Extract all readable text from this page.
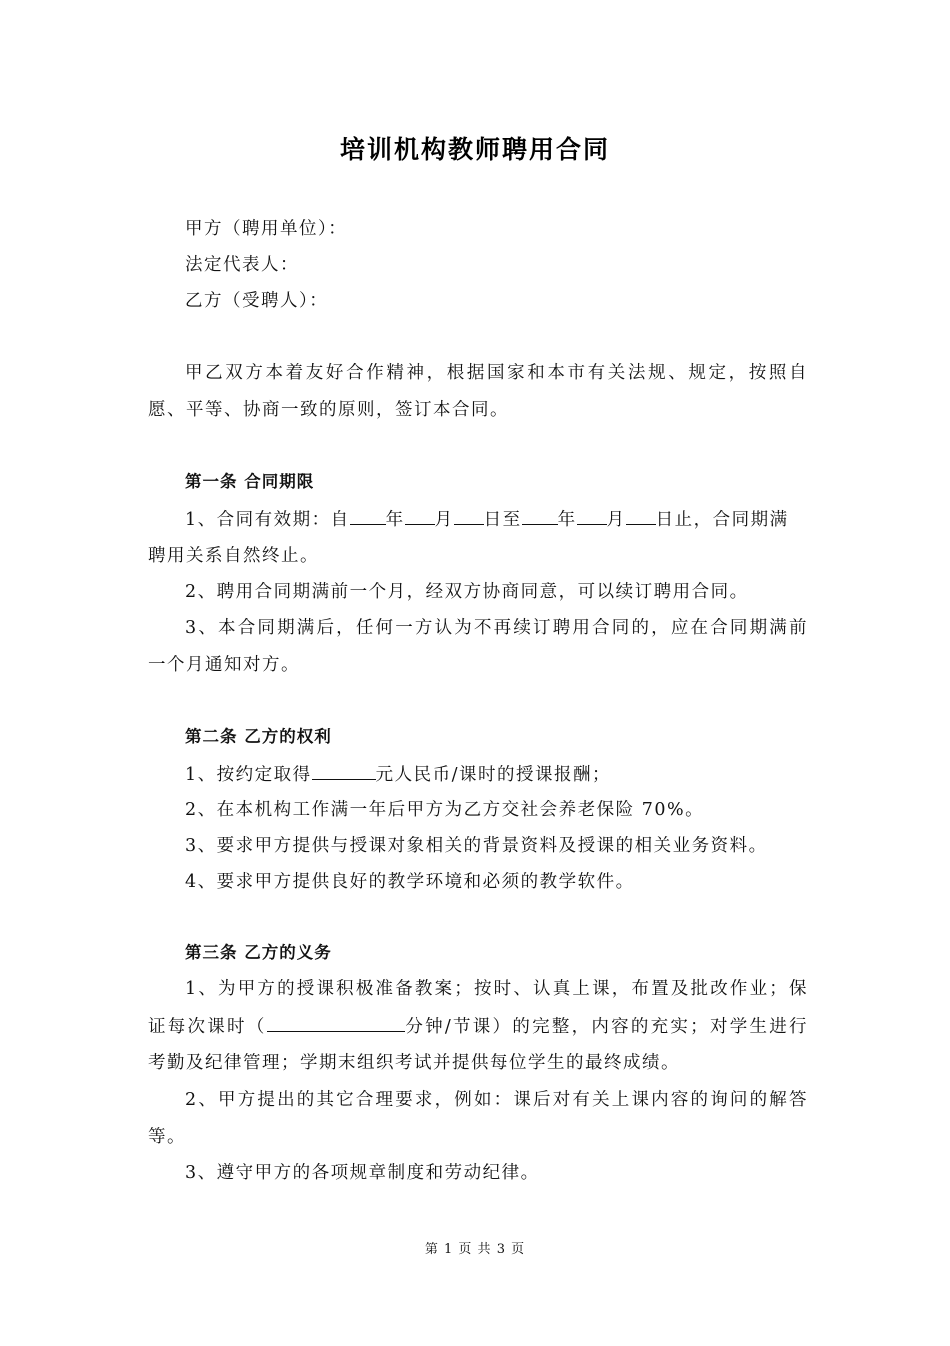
培训机构教师聘用合同
甲方（聘用单位）：
法定代表人：
乙方（受聘人）：
甲乙双方本着友好合作精神，根据国家和本市有关法规、规定，按照自
愿、平等、协商一致的原则，签订本合同。
第一条 合同期限
1、合同有效期：自 年 月 日至 年 月 日止，合同期满
聘用关系自然终止。
2、聘用合同期满前一个月，经双方协商同意，可以续订聘用合同。
3、本合同期满后，任何一方认为不再续订聘用合同的，应在合同期满前
一个月通知对方。
第二条 乙方的权利
1、按约定取得	元人民币/课时的授课报酬；
2、在本机构工作满一年后甲方为乙方交社会养老保险 70%。
3、要求甲方提供与授课对象相关的背景资料及授课的相关业务资料。
4、要求甲方提供良好的教学环境和必须的教学软件。
第三条 乙方的义务
1、为甲方的授课积极准备教案；按时、认真上课，布置及批改作业；保
证每次课时（	分钟/节课）的完整，内容的充实；对学生进行
考勤及纪律管理；学期末组织考试并提供每位学生的最终成绩。
2、甲方提出的其它合理要求，例如：课后对有关上课内容的询问的解答
等。
3、遵守甲方的各项规章制度和劳动纪律。
第 1 页 共 3 页
